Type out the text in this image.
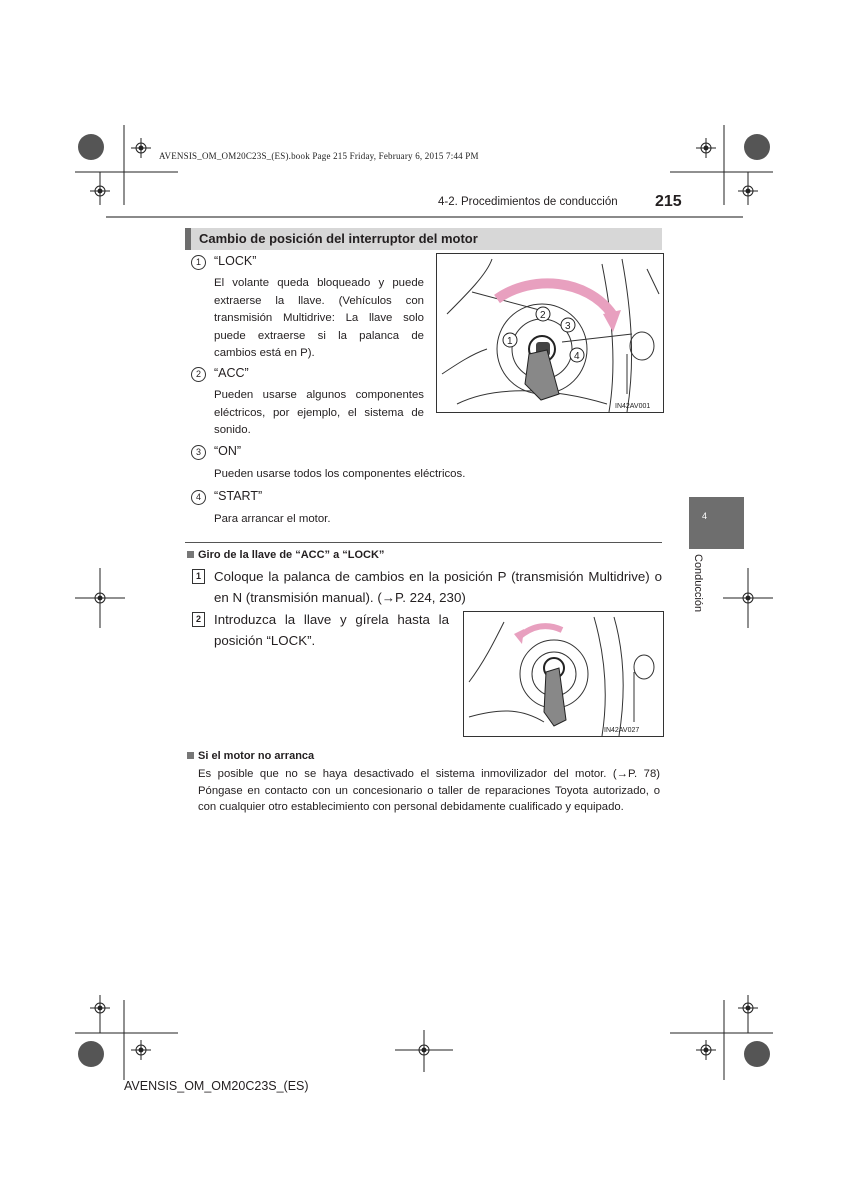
AVENSIS_OM_OM20C23S_(ES).book Page 215 Friday, February 6, 2015 7:44 PM
4-2. Procedimientos de conducción 215
Cambio de posición del interruptor del motor
1	“LOCK”
El volante queda bloqueado y puede extraerse la llave. (Vehículos con transmisión Multidrive: La llave solo puede extraerse si la palanca de cambios está en P).
2	“ACC”
Pueden usarse algunos componentes eléctricos, por ejemplo, el sistema de sonido.
3	“ON”
Pueden usarse todos los componentes eléctricos.
4	“START”
Para arrancar el motor.
1
2
3
4
IN42AV001
Giro de la llave de “ACC” a “LOCK”
1 Coloque la palanca de cambios en la posición P (transmisión Multidrive) o en N (transmisión manual). (→P. 224, 230)
2 Introduzca la llave y gírela hasta la posición “LOCK”.
IN42AV027
Si el motor no arranca
Es posible que no se haya desactivado el sistema inmovilizador del motor. (→P. 78) Póngase en contacto con un concesionario o taller de reparaciones Toyota autorizado, o con cualquier otro establecimiento con personal debidamente cualificado y equipado.
4
Conducción
AVENSIS_OM_OM20C23S_(ES)
